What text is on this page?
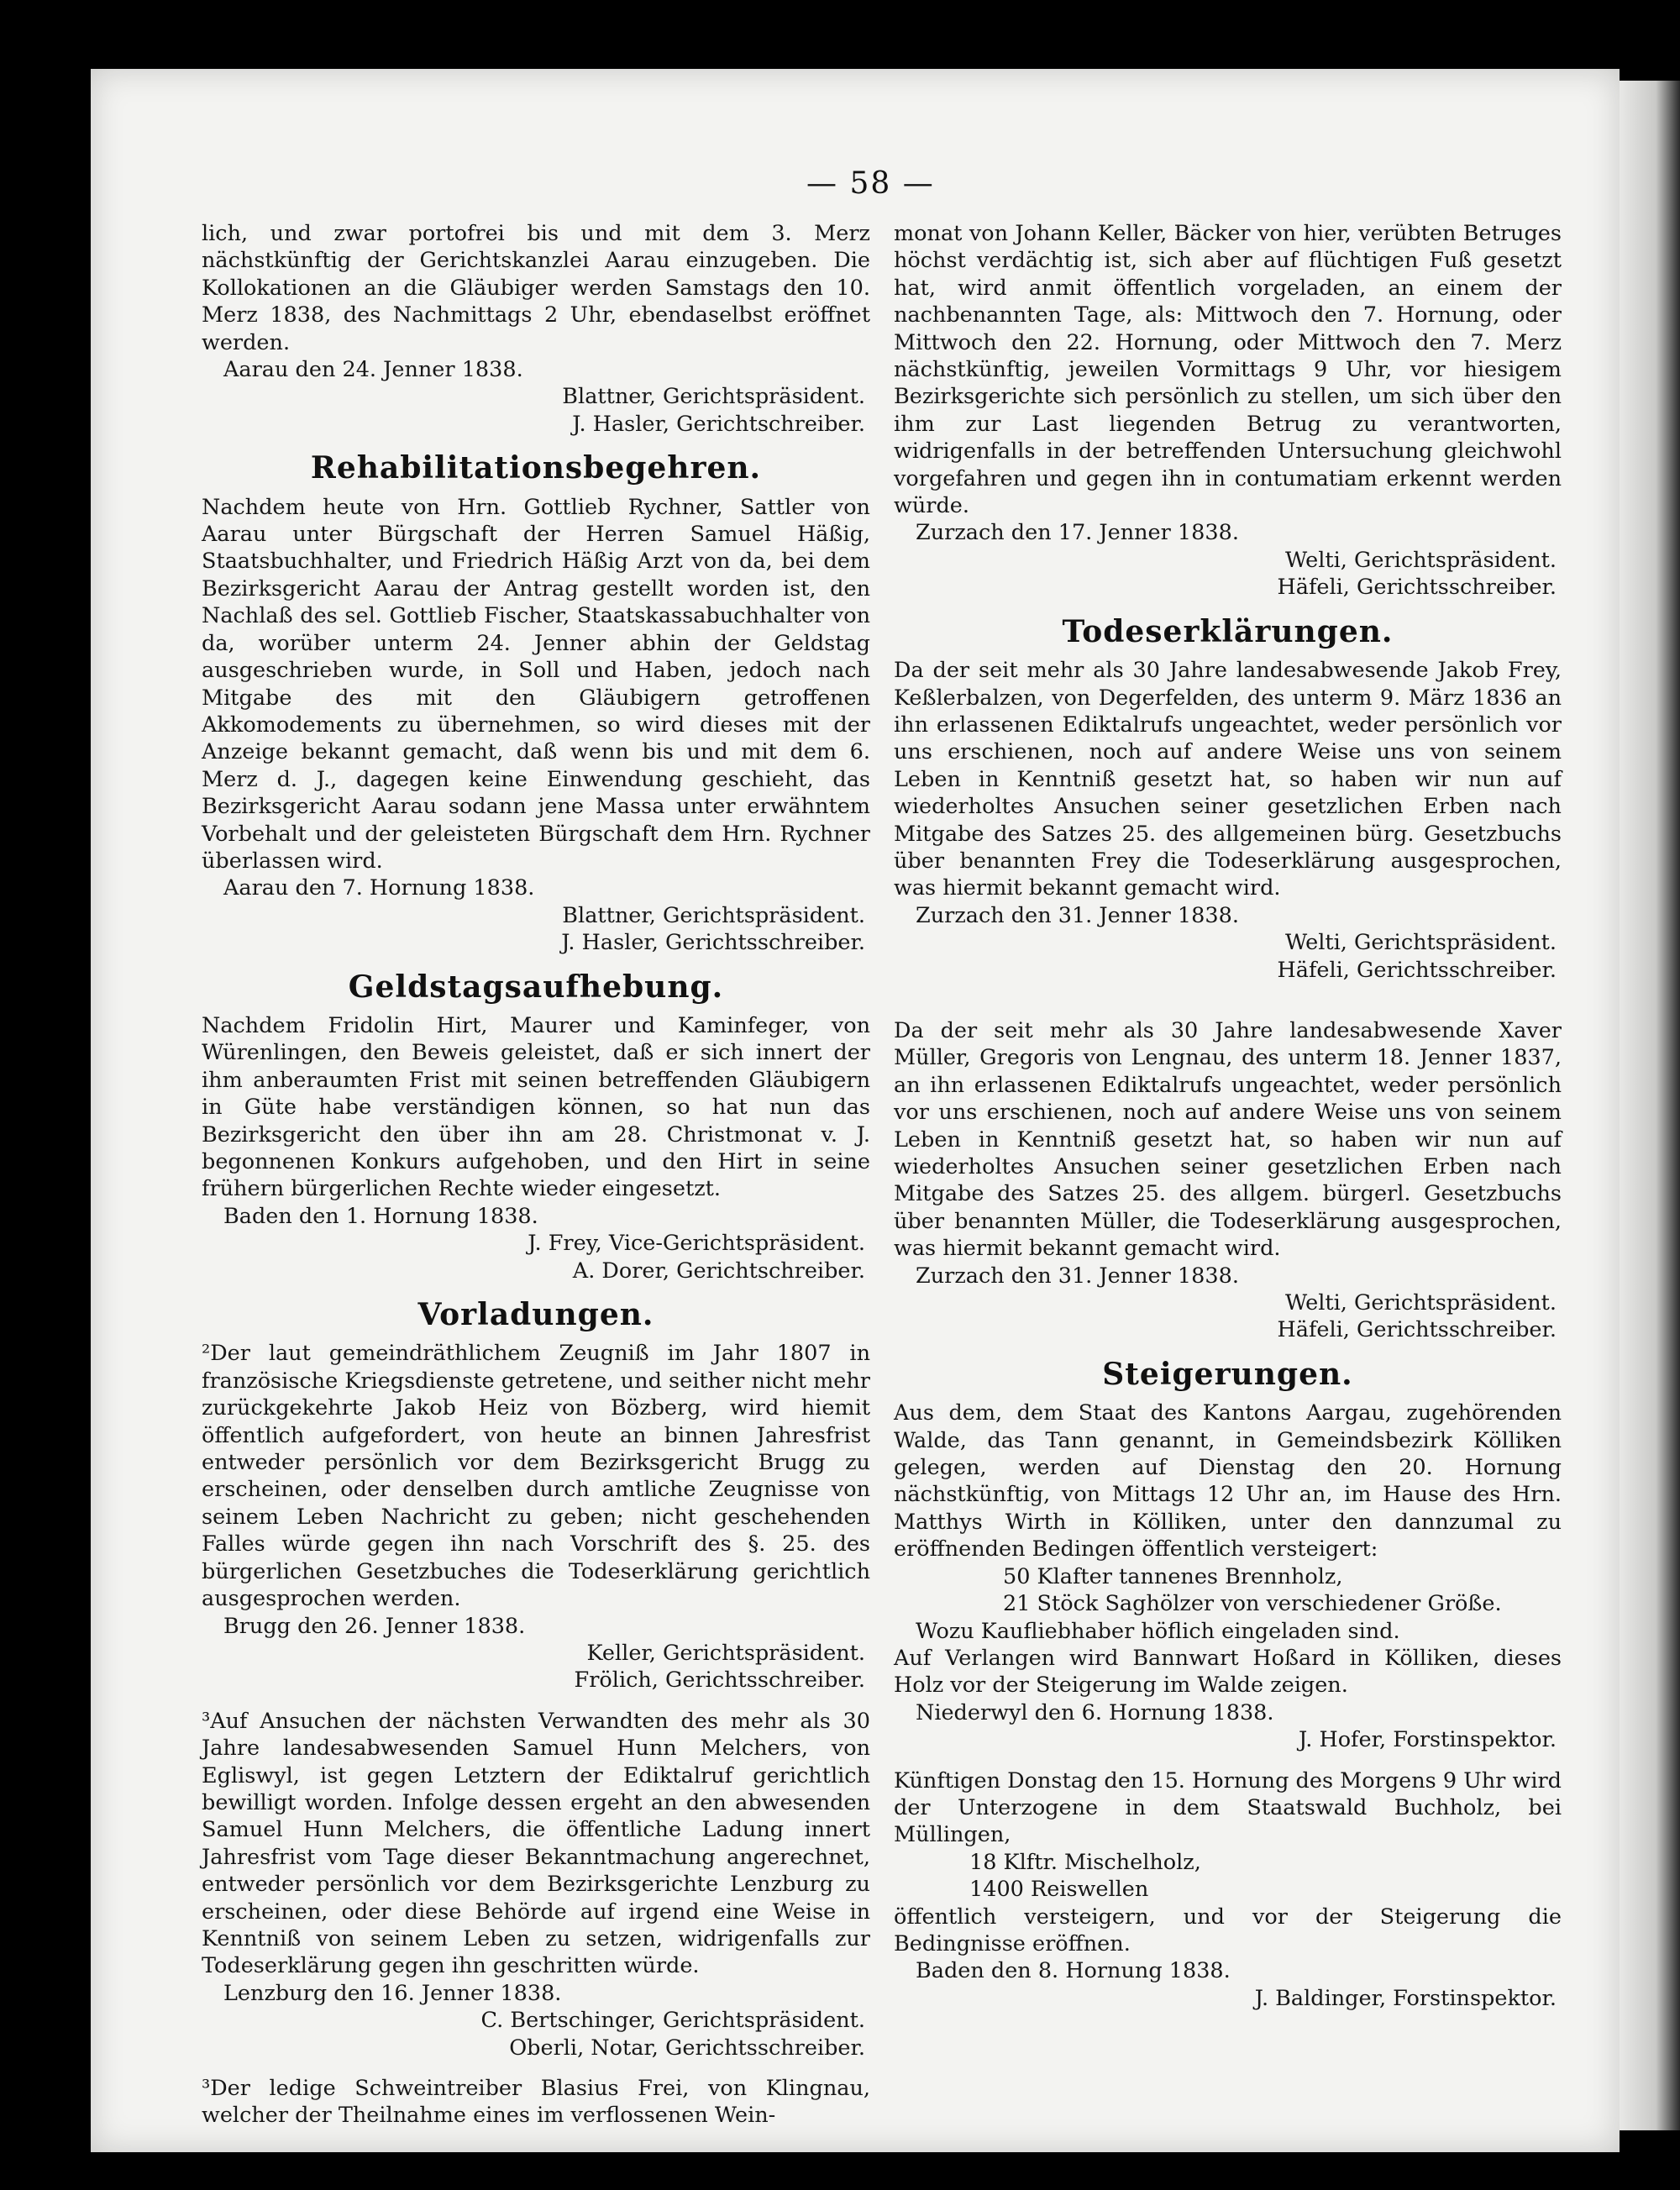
— 58 —

lich, und zwar portofrei bis und mit dem 3. Merz nächstkünftig der Gerichtskanzlei Aarau einzugeben. Die Kollokationen an die Gläubiger werden Samstags den 10. Merz 1838, des Nachmittags 2 Uhr, ebendaselbst eröffnet werden.

Aarau den 24. Jenner 1838.
Blattner, Gerichtspräsident.
J. Hasler, Gerichtschreiber.
Rehabilitationsbegehren.

Nachdem heute von Hrn. Gottlieb Rychner, Sattler von Aarau unter Bürgschaft der Herren Samuel Häßig, Staatsbuchhalter, und Friedrich Häßig Arzt von da, bei dem Bezirksgericht Aarau der Antrag gestellt worden ist, den Nachlaß des sel. Gottlieb Fischer, Staatskassabuchhalter von da, worüber unterm 24. Jenner abhin der Geldstag ausgeschrieben wurde, in Soll und Haben, jedoch nach Mitgabe des mit den Gläubigern getroffenen Akkomodements zu übernehmen, so wird dieses mit der Anzeige bekannt gemacht, daß wenn bis und mit dem 6. Merz d. J., dagegen keine Einwendung geschieht, das Bezirksgericht Aarau sodann jene Massa unter erwähntem Vorbehalt und der geleisteten Bürgschaft dem Hrn. Rychner überlassen wird.

Aarau den 7. Hornung 1838.
Blattner, Gerichtspräsident.
J. Hasler, Gerichtsschreiber.
Geldstagsaufhebung.

Nachdem Fridolin Hirt, Maurer und Kaminfeger, von Würenlingen, den Beweis geleistet, daß er sich innert der ihm anberaumten Frist mit seinen betreffenden Gläubigern in Güte habe verständigen können, so hat nun das Bezirksgericht den über ihn am 28. Christmonat v. J. begonnenen Konkurs aufgehoben, und den Hirt in seine frühern bürgerlichen Rechte wieder eingesetzt.

Baden den 1. Hornung 1838.
J. Frey, Vice-Gerichtspräsident.
A. Dorer, Gerichtschreiber.
Vorladungen.

²Der laut gemeindräthlichem Zeugniß im Jahr 1807 in französische Kriegsdienste getretene, und seither nicht mehr zurückgekehrte Jakob Heiz von Bözberg, wird hiemit öffentlich aufgefordert, von heute an binnen Jahresfrist entweder persönlich vor dem Bezirksgericht Brugg zu erscheinen, oder denselben durch amtliche Zeugnisse von seinem Leben Nachricht zu geben; nicht geschehenden Falles würde gegen ihn nach Vorschrift des §. 25. des bürgerlichen Gesetzbuches die Todeserklärung gerichtlich ausgesprochen werden.

Brugg den 26. Jenner 1838.
Keller, Gerichtspräsident.
Frölich, Gerichtsschreiber.

³Auf Ansuchen der nächsten Verwandten des mehr als 30 Jahre landesabwesenden Samuel Hunn Melchers, von Egliswyl, ist gegen Letztern der Ediktalruf gerichtlich bewilligt worden. Infolge dessen ergeht an den abwesenden Samuel Hunn Melchers, die öffentliche Ladung innert Jahresfrist vom Tage dieser Bekanntmachung angerechnet, entweder persönlich vor dem Bezirksgerichte Lenzburg zu erscheinen, oder diese Behörde auf irgend eine Weise in Kenntniß von seinem Leben zu setzen, widrigenfalls zur Todeserklärung gegen ihn geschritten würde.

Lenzburg den 16. Jenner 1838.
C. Bertschinger, Gerichtspräsident.
Oberli, Notar, Gerichtsschreiber.

³Der ledige Schweintreiber Blasius Frei, von Klingnau, welcher der Theilnahme eines im verflossenen Wein-

monat von Johann Keller, Bäcker von hier, verübten Betruges höchst verdächtig ist, sich aber auf flüchtigen Fuß gesetzt hat, wird anmit öffentlich vorgeladen, an einem der nachbenannten Tage, als: Mittwoch den 7. Hornung, oder Mittwoch den 22. Hornung, oder Mittwoch den 7. Merz nächstkünftig, jeweilen Vormittags 9 Uhr, vor hiesigem Bezirksgerichte sich persönlich zu stellen, um sich über den ihm zur Last liegenden Betrug zu verantworten, widrigenfalls in der betreffenden Untersuchung gleichwohl vorgefahren und gegen ihn in contumatiam erkennt werden würde.

Zurzach den 17. Jenner 1838.
Welti, Gerichtspräsident.
Häfeli, Gerichtsschreiber.
Todeserklärungen.

Da der seit mehr als 30 Jahre landesabwesende Jakob Frey, Keßlerbalzen, von Degerfelden, des unterm 9. März 1836 an ihn erlassenen Ediktalrufs ungeachtet, weder persönlich vor uns erschienen, noch auf andere Weise uns von seinem Leben in Kenntniß gesetzt hat, so haben wir nun auf wiederholtes Ansuchen seiner gesetzlichen Erben nach Mitgabe des Satzes 25. des allgemeinen bürg. Gesetzbuchs über benannten Frey die Todeserklärung ausgesprochen, was hiermit bekannt gemacht wird.

Zurzach den 31. Jenner 1838.
Welti, Gerichtspräsident.
Häfeli, Gerichtsschreiber.

Da der seit mehr als 30 Jahre landesabwesende Xaver Müller, Gregoris von Lengnau, des unterm 18. Jenner 1837, an ihn erlassenen Ediktalrufs ungeachtet, weder persönlich vor uns erschienen, noch auf andere Weise uns von seinem Leben in Kenntniß gesetzt hat, so haben wir nun auf wiederholtes Ansuchen seiner gesetzlichen Erben nach Mitgabe des Satzes 25. des allgem. bürgerl. Gesetzbuchs über benannten Müller, die Todeserklärung ausgesprochen, was hiermit bekannt gemacht wird.

Zurzach den 31. Jenner 1838.
Welti, Gerichtspräsident.
Häfeli, Gerichtsschreiber.
Steigerungen.

Aus dem, dem Staat des Kantons Aargau, zugehörenden Walde, das Tann genannt, in Gemeindsbezirk Kölliken gelegen, werden auf Dienstag den 20. Hornung nächstkünftig, von Mittags 12 Uhr an, im Hause des Hrn. Matthys Wirth in Kölliken, unter den dannzumal zu eröffnenden Bedingen öffentlich versteigert:

50 Klafter tannenes Brennholz,
21 Stöck Saghölzer von verschiedener Größe.
Wozu Kaufliebhaber höflich eingeladen sind.

Auf Verlangen wird Bannwart Hoßard in Kölliken, dieses Holz vor der Steigerung im Walde zeigen.

Niederwyl den 6. Hornung 1838.
J. Hofer, Forstinspektor.

Künftigen Donstag den 15. Hornung des Morgens 9 Uhr wird der Unterzogene in dem Staatswald Buchholz, bei Müllingen,

18 Klftr. Mischelholz,
1400 Reiswellen

öffentlich versteigern, und vor der Steigerung die Bedingnisse eröffnen.

Baden den 8. Hornung 1838.
J. Baldinger, Forstinspektor.
